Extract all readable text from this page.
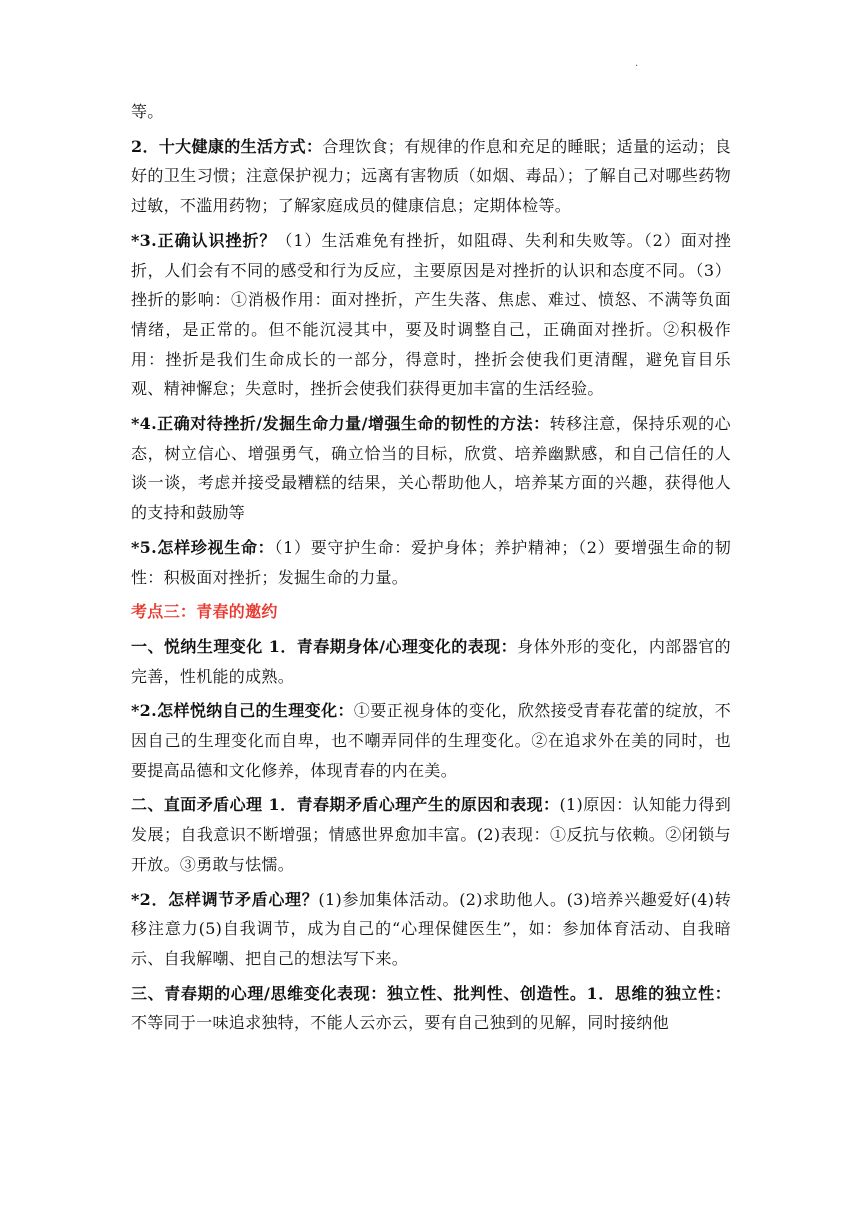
.

等。

2．十大健康的生活方式：合理饮食；有规律的作息和充足的睡眠；适量的运动；良好的卫生习惯；注意保护视力；远离有害物质（如烟、毒品）；了解自己对哪些药物过敏，不滥用药物；了解家庭成员的健康信息；定期体检等。

*3.正确认识挫折？（1）生活难免有挫折，如阻碍、失利和失败等。（2）面对挫折，人们会有不同的感受和行为反应，主要原因是对挫折的认识和态度不同。（3）挫折的影响：①消极作用：面对挫折，产生失落、焦虑、难过、愤怒、不满等负面情绪，是正常的。但不能沉浸其中，要及时调整自己，正确面对挫折。②积极作用：挫折是我们生命成长的一部分，得意时，挫折会使我们更清醒，避免盲目乐观、精神懈怠；失意时，挫折会使我们获得更加丰富的生活经验。

*4.正确对待挫折/发掘生命力量/增强生命的韧性的方法：转移注意，保持乐观的心态，树立信心、增强勇气，确立恰当的目标，欣赏、培养幽默感，和自己信任的人谈一谈，考虑并接受最糟糕的结果，关心帮助他人，培养某方面的兴趣，获得他人的支持和鼓励等

*5.怎样珍视生命：（1）要守护生命：爱护身体；养护精神；（2）要增强生命的韧性：积极面对挫折；发掘生命的力量。

考点三：青春的邀约

一、悦纳生理变化 1．青春期身体/心理变化的表现：身体外形的变化，内部器官的完善，性机能的成熟。

*2.怎样悦纳自己的生理变化：①要正视身体的变化，欣然接受青春花蕾的绽放，不因自己的生理变化而自卑，也不嘲弄同伴的生理变化。②在追求外在美的同时，也要提高品德和文化修养，体现青春的内在美。

二、直面矛盾心理 1．青春期矛盾心理产生的原因和表现：(1)原因：认知能力得到发展；自我意识不断增强；情感世界愈加丰富。(2)表现：①反抗与依赖。②闭锁与开放。③勇敢与怯懦。

*2．怎样调节矛盾心理？(1)参加集体活动。(2)求助他人。(3)培养兴趣爱好(4)转移注意力(5)自我调节，成为自己的“心理保健医生”，如：参加体育活动、自我暗示、自我解嘲、把自己的想法写下来。

三、青春期的心理/思维变化表现：独立性、批判性、创造性。1．思维的独立性：不等同于一味追求独特，不能人云亦云，要有自己独到的见解，同时接纳他
